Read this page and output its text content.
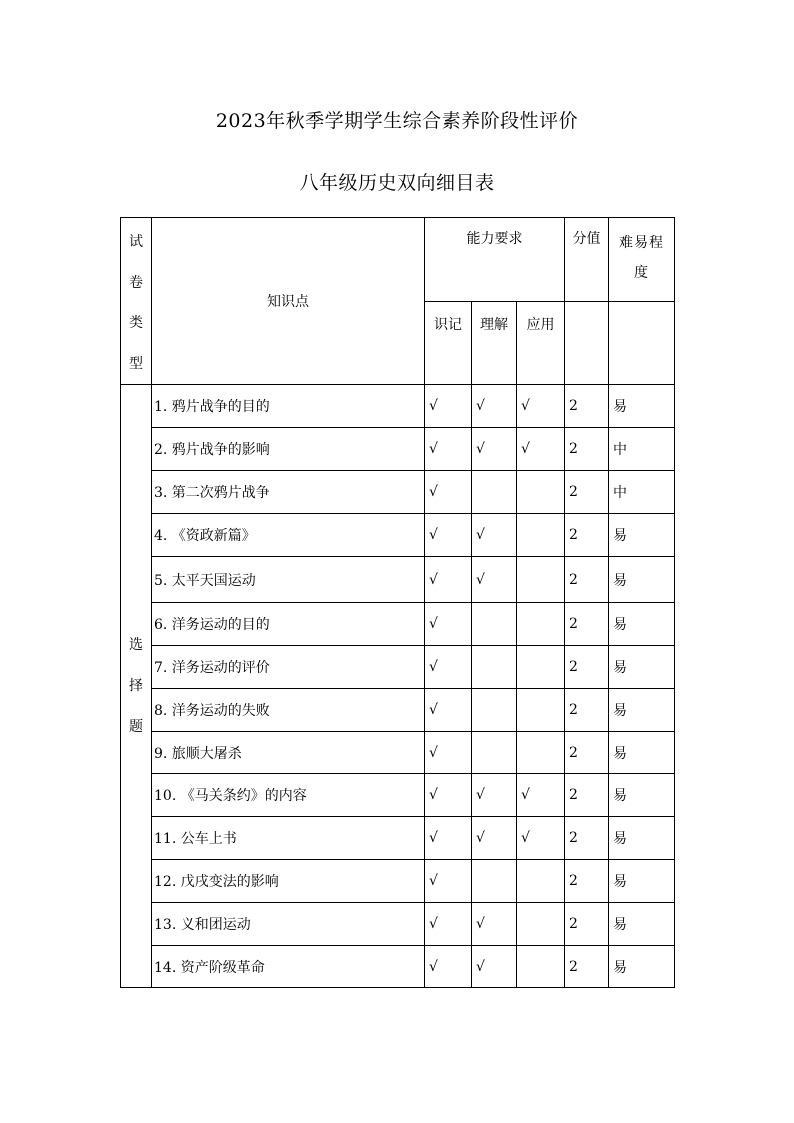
2023年秋季学期学生综合素养阶段性评价
八年级历史双向细目表
试卷类型	知识点	能力要求			分值	难易程度

		识记	理解	应用		

选择题	1. 鸦片战争的目的	√	√	√	2	易
	2. 鸦片战争的影响	√	√	√	2	中
	3. 第二次鸦片战争	√			2	中
	4. 《资政新篇》	√	√		2	易
	5. 太平天国运动	√	√		2	易
	6. 洋务运动的目的	√			2	易
	7. 洋务运动的评价	√			2	易
	8. 洋务运动的失败	√			2	易
	9. 旅顺大屠杀	√			2	易
	10. 《马关条约》的内容	√	√	√	2	易
	11. 公车上书	√	√	√	2	易
	12. 戊戌变法的影响	√			2	易
	13. 义和团运动	√	√		2	易
	14. 资产阶级革命	√	√		2	易
